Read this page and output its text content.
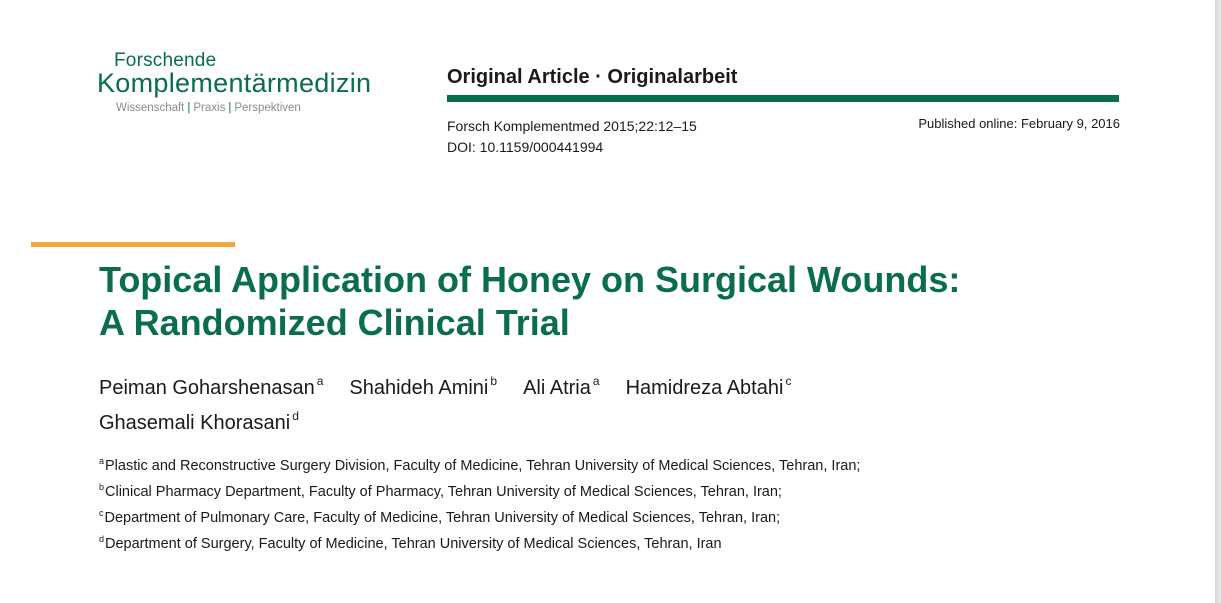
Forschende
Komplementärmedizin
Wissenschaft | Praxis | Perspektiven
Original Article · Originalarbeit
Forsch Komplementmed 2015;22:12–15
DOI: 10.1159/000441994
Published online: February 9, 2016
Topical Application of Honey on Surgical Wounds:
A Randomized Clinical Trial
Peiman Goharshenasan $^a$ Shahideh Amini $^b$ Ali Atria $^a$ Hamidreza Abtahi $^c$
Ghasemali Khorasani $^d$
$^a$Plastic and Reconstructive Surgery Division, Faculty of Medicine, Tehran University of Medical Sciences, Tehran, Iran;
$^b$Clinical Pharmacy Department, Faculty of Pharmacy, Tehran University of Medical Sciences, Tehran, Iran;
$^c$Department of Pulmonary Care, Faculty of Medicine, Tehran University of Medical Sciences, Tehran, Iran;
$^d$Department of Surgery, Faculty of Medicine, Tehran University of Medical Sciences, Tehran, Iran
